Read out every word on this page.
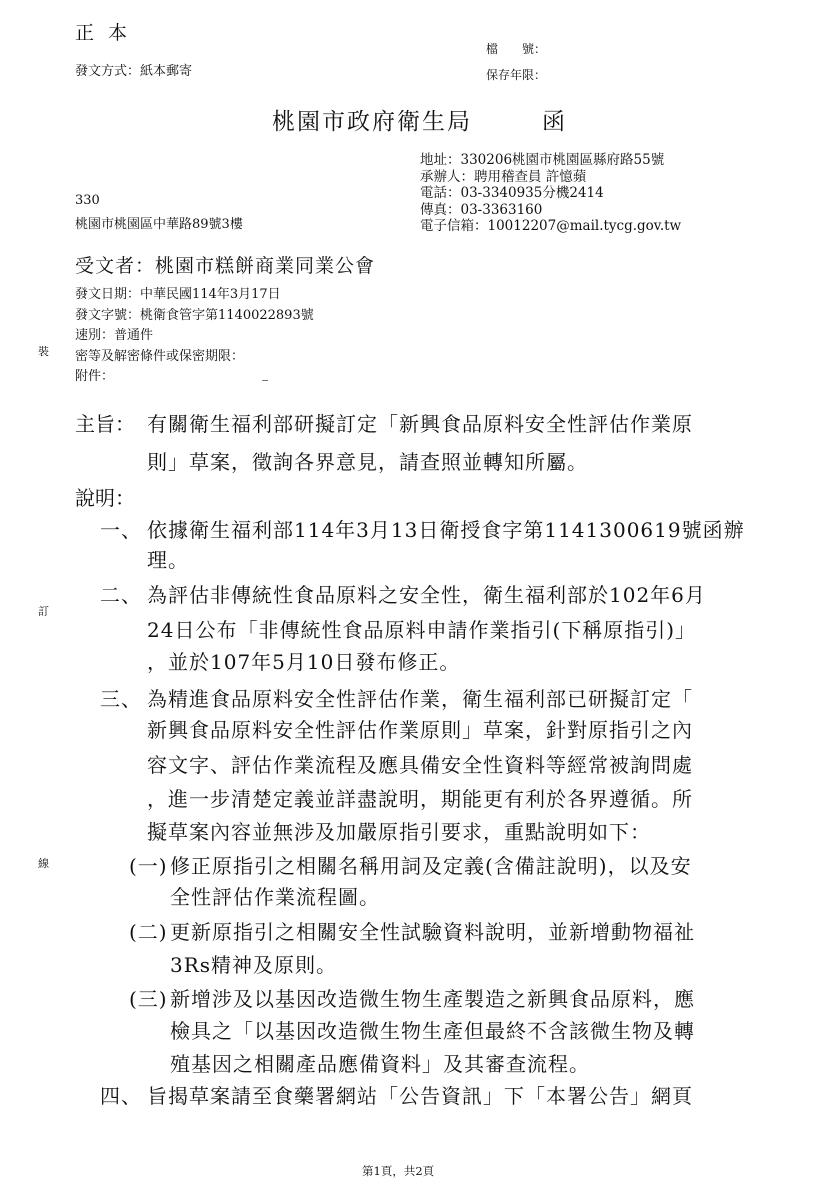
正本
發文方式：紙本郵寄
檔　　號：
保存年限：
桃園市政府衛生局	函
地址：330206桃園市桃園區縣府路55號
承辦人：聘用稽查員 許憶蘋
電話：03-3340935分機2414
傳真：03-3363160
電子信箱：10012207@mail.tycg.gov.tw
330
桃園市桃園區中華路89號3樓
受文者：桃園市糕餅商業同業公會
發文日期：中華民國114年3月17日
發文字號：桃衛食管字第1140022893號
速別：普通件
密等及解密條件或保密期限：
附件：
裝
訂
線
主旨： 有關衛生福利部研擬訂定「新興食品原料安全性評估作業原
則」草案，徵詢各界意見，請查照並轉知所屬。
說明：
一、 依據衛生福利部114年3月13日衛授食字第1141300619號函辦
理。
二、 為評估非傳統性食品原料之安全性，衛生福利部於102年6月
24日公布「非傳統性食品原料申請作業指引(下稱原指引)」
，並於107年5月10日發布修正。
三、 為精進食品原料安全性評估作業，衛生福利部已研擬訂定「
新興食品原料安全性評估作業原則」草案，針對原指引之內
容文字、評估作業流程及應具備安全性資料等經常被詢問處
，進一步清楚定義並詳盡說明，期能更有利於各界遵循。所
擬草案內容並無涉及加嚴原指引要求，重點說明如下：
(一) 修正原指引之相關名稱用詞及定義(含備註說明)，以及安
全性評估作業流程圖。
(二) 更新原指引之相關安全性試驗資料說明，並新增動物福祉
3Rs精神及原則。
(三) 新增涉及以基因改造微生物生產製造之新興食品原料，應
檢具之「以基因改造微生物生產但最終不含該微生物及轉
殖基因之相關產品應備資料」及其審查流程。
四、 旨揭草案請至食藥署網站「公告資訊」下「本署公告」網頁
第1頁，共2頁
